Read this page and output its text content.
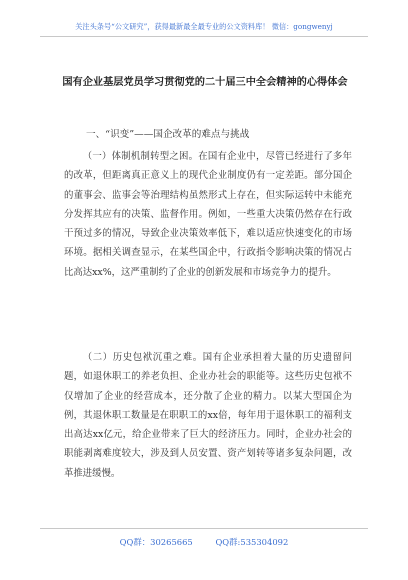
关注头条号“公文研究”，获得最新最全最专业的公文资料库！ 微信：gongwenyj
国有企业基层党员学习贯彻党的二十届三中全会精神的心得体会
一、“识变”——国企改革的难点与挑战
（一）体制机制转型之困。在国有企业中，尽管已经进行了多年的改革，但距离真正意义上的现代企业制度仍有一定差距。部分国企的董事会、监事会等治理结构虽然形式上存在，但实际运转中未能充分发挥其应有的决策、监督作用。例如，一些重大决策仍然存在行政干预过多的情况，导致企业决策效率低下，难以适应快速变化的市场环境。据相关调查显示，在某些国企中，行政指令影响决策的情况占比高达xx%，这严重制约了企业的创新发展和市场竞争力的提升。
（二）历史包袱沉重之难。国有企业承担着大量的历史遗留问题，如退休职工的养老负担、企业办社会的职能等。这些历史包袱不仅增加了企业的经营成本，还分散了企业的精力。以某大型国企为例，其退休职工数量是在职职工的xx倍，每年用于退休职工的福利支出高达xx亿元，给企业带来了巨大的经济压力。同时，企业办社会的职能剥离难度较大，涉及到人员安置、资产划转等诸多复杂问题，改革推进缓慢。
QQ群：30265665	QQ群:535304092
